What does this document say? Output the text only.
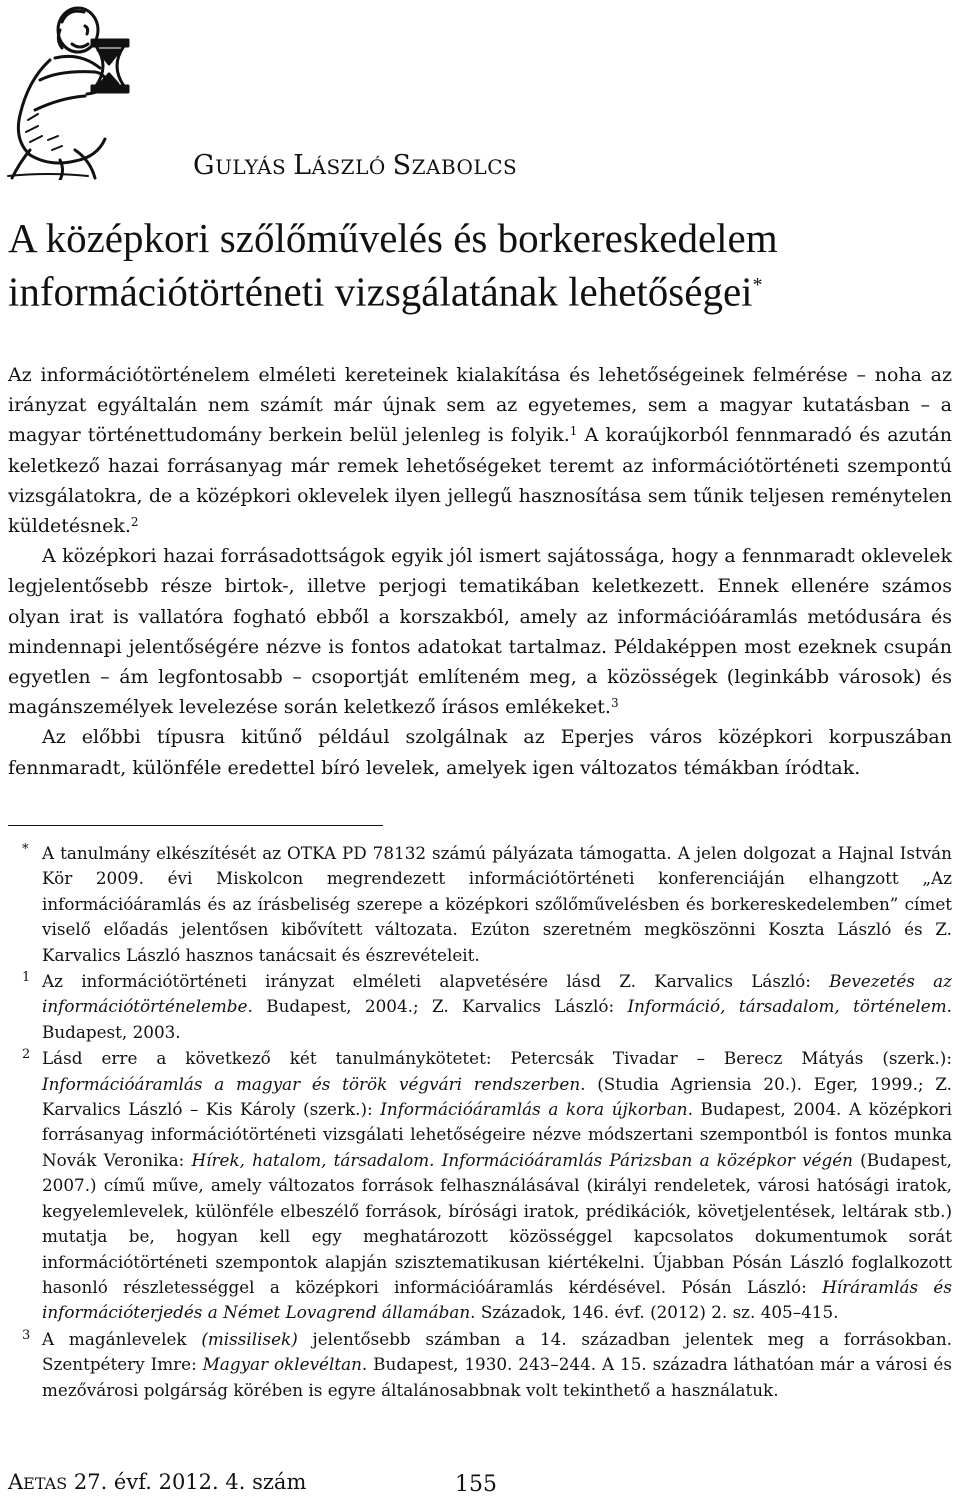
GULYÁS LÁSZLÓ SZABOLCS
A középkori szőlőművelés és borkereskedelem
információtörténeti vizsgálatának lehetőségei*

Az információtörténelem elméleti kereteinek kialakítása és lehetőségeinek felmérése – noha az irányzat egyáltalán nem számít már újnak sem az egyetemes, sem a magyar kutatásban – a magyar történettudomány berkein belül jelenleg is folyik.$^1$ A koraújkorból fennmaradó és azután keletkező hazai forrásanyag már remek lehetőségeket teremt az információtörténeti szempontú vizsgálatokra, de a középkori oklevelek ilyen jellegű hasznosítása sem tűnik teljesen reménytelen küldetésnek.$^2$

A középkori hazai forrásadottságok egyik jól ismert sajátossága, hogy a fennmaradt oklevelek legjelentősebb része birtok-, illetve perjogi tematikában keletkezett. Ennek ellenére számos olyan irat is vallatóra fogható ebből a korszakból, amely az információáramlás metódusára és mindennapi jelentőségére nézve is fontos adatokat tartalmaz. Példaképpen most ezeknek csupán egyetlen – ám legfontosabb – csoportját említeném meg, a közösségek (leginkább városok) és magánszemélyek levelezése során keletkező írásos emlékeket.$^3$

Az előbbi típusra kitűnő például szolgálnak az Eperjes város középkori korpuszában fennmaradt, különféle eredettel bíró levelek, amelyek igen változatos témákban íródtak.

* A tanulmány elkészítését az OTKA PD 78132 számú pályázata támogatta. A jelen dolgozat a Hajnal István Kör 2009. évi Miskolcon megrendezett információtörténeti konferenciáján elhangzott „Az információáramlás és az írásbeliség szerepe a középkori szőlőművelésben és borkereskedelemben” címet viselő előadás jelentősen kibővített változata. Ezúton szeretném megköszönni Koszta László és Z. Karvalics László hasznos tanácsait és észrevételeit.

1 Az információtörténeti irányzat elméleti alapvetésére lásd Z. Karvalics László: Bevezetés az információtörténelembe. Budapest, 2004.; Z. Karvalics László: Információ, társadalom, történelem. Budapest, 2003.

2 Lásd erre a következő két tanulmánykötetet: Petercsák Tivadar – Berecz Mátyás (szerk.): Információáramlás a magyar és török végvári rendszerben. (Studia Agriensia 20.). Eger, 1999.; Z. Karvalics László – Kis Károly (szerk.): Információáramlás a kora újkorban. Budapest, 2004. A középkori forrásanyag információtörténeti vizsgálati lehetőségeire nézve módszertani szempontból is fontos munka Novák Veronika: Hírek, hatalom, társadalom. Információáramlás Párizsban a középkor végén (Budapest, 2007.) című műve, amely változatos források felhasználásával (királyi rendeletek, városi hatósági iratok, kegyelemlevelek, különféle elbeszélő források, bírósági iratok, prédikációk, követjelentések, leltárak stb.) mutatja be, hogyan kell egy meghatározott közösséggel kapcsolatos dokumentumok sorát információtörténeti szempontok alapján szisztematikusan kiértékelni. Újabban Pósán László foglalkozott hasonló részletességgel a középkori információáramlás kérdésével. Pósán László: Híráramlás és információterjedés a Német Lovagrend államában. Századok, 146. évf. (2012) 2. sz. 405–415.

3 A magánlevelek (missilisek) jelentősebb számban a 14. században jelentek meg a forrásokban. Szentpétery Imre: Magyar oklevéltan. Budapest, 1930. 243–244. A 15. századra láthatóan már a városi és mezővárosi polgárság körében is egyre általánosabbnak volt tekinthető a használatuk.

AETAS 27. évf. 2012. 4. szám	155
